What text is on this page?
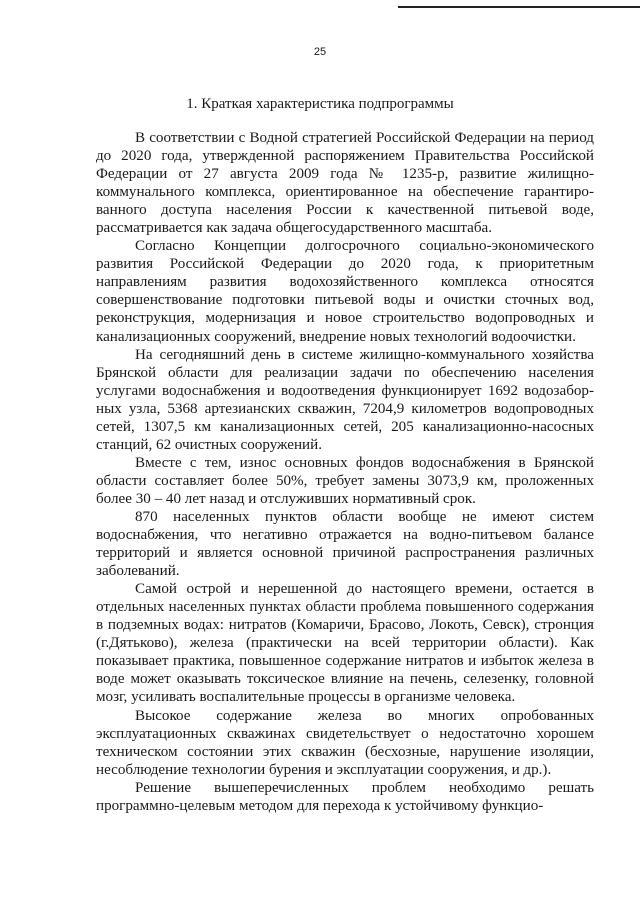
25
1. Краткая характеристика подпрограммы

В соответствии с Водной стратегией Российской Федерации на период до 2020 года, утвержденной распоряжением Правительства Российской Федерации от 27 августа 2009 года № 1235-р, развитие жилищно-коммунального комплекса, ориентированное на обеспечение гарантированного доступа населения России к качественной питьевой воде, рассматривается как задача общегосударственного масштаба.

Согласно Концепции долгосрочного социально-экономического развития Российской Федерации до 2020 года, к приоритетным направлениям развития водохозяйственного комплекса относятся совершенствование подготовки питьевой воды и очистки сточных вод, реконструкция, модернизация и новое строительство водопроводных и канализационных сооружений, внедрение новых технологий водоочистки.

На сегодняшний день в системе жилищно-коммунального хозяйства Брянской области для реализации задачи по обеспечению населения услугами водоснабжения и водоотведения функционирует 1692 водозаборных узла, 5368 артезианских скважин, 7204,9 километров водопроводных сетей, 1307,5 км канализационных сетей, 205 канализационно-насосных станций, 62 очистных сооружений.

Вместе с тем, износ основных фондов водоснабжения в Брянской области составляет более 50%, требует замены 3073,9 км, проложенных более 30 – 40 лет назад и отслуживших нормативный срок.

870 населенных пунктов области вообще не имеют систем водоснабжения, что негативно отражается на водно-питьевом балансе территорий и является основной причиной распространения различных заболеваний.

Самой острой и нерешенной до настоящего времени, остается в отдельных населенных пунктах области проблема повышенного содержания в подземных водах: нитратов (Комаричи, Брасово, Локоть, Севск), стронция (г.Дятьково), железа (практически на всей территории области). Как показывает практика, повышенное содержание нитратов и избыток железа в воде может оказывать токсическое влияние на печень, селезенку, головной мозг, усиливать воспалительные процессы в организме человека.

Высокое содержание железа во многих опробованных эксплуатационных скважинах свидетельствует о недостаточно хорошем техническом состоянии этих скважин (бесхозные, нарушение изоляции, несоблюдение технологии бурения и эксплуатации сооружения, и др.).

Решение вышеперечисленных проблем необходимо решать программно-целевым методом для перехода к устойчивому функцио-
